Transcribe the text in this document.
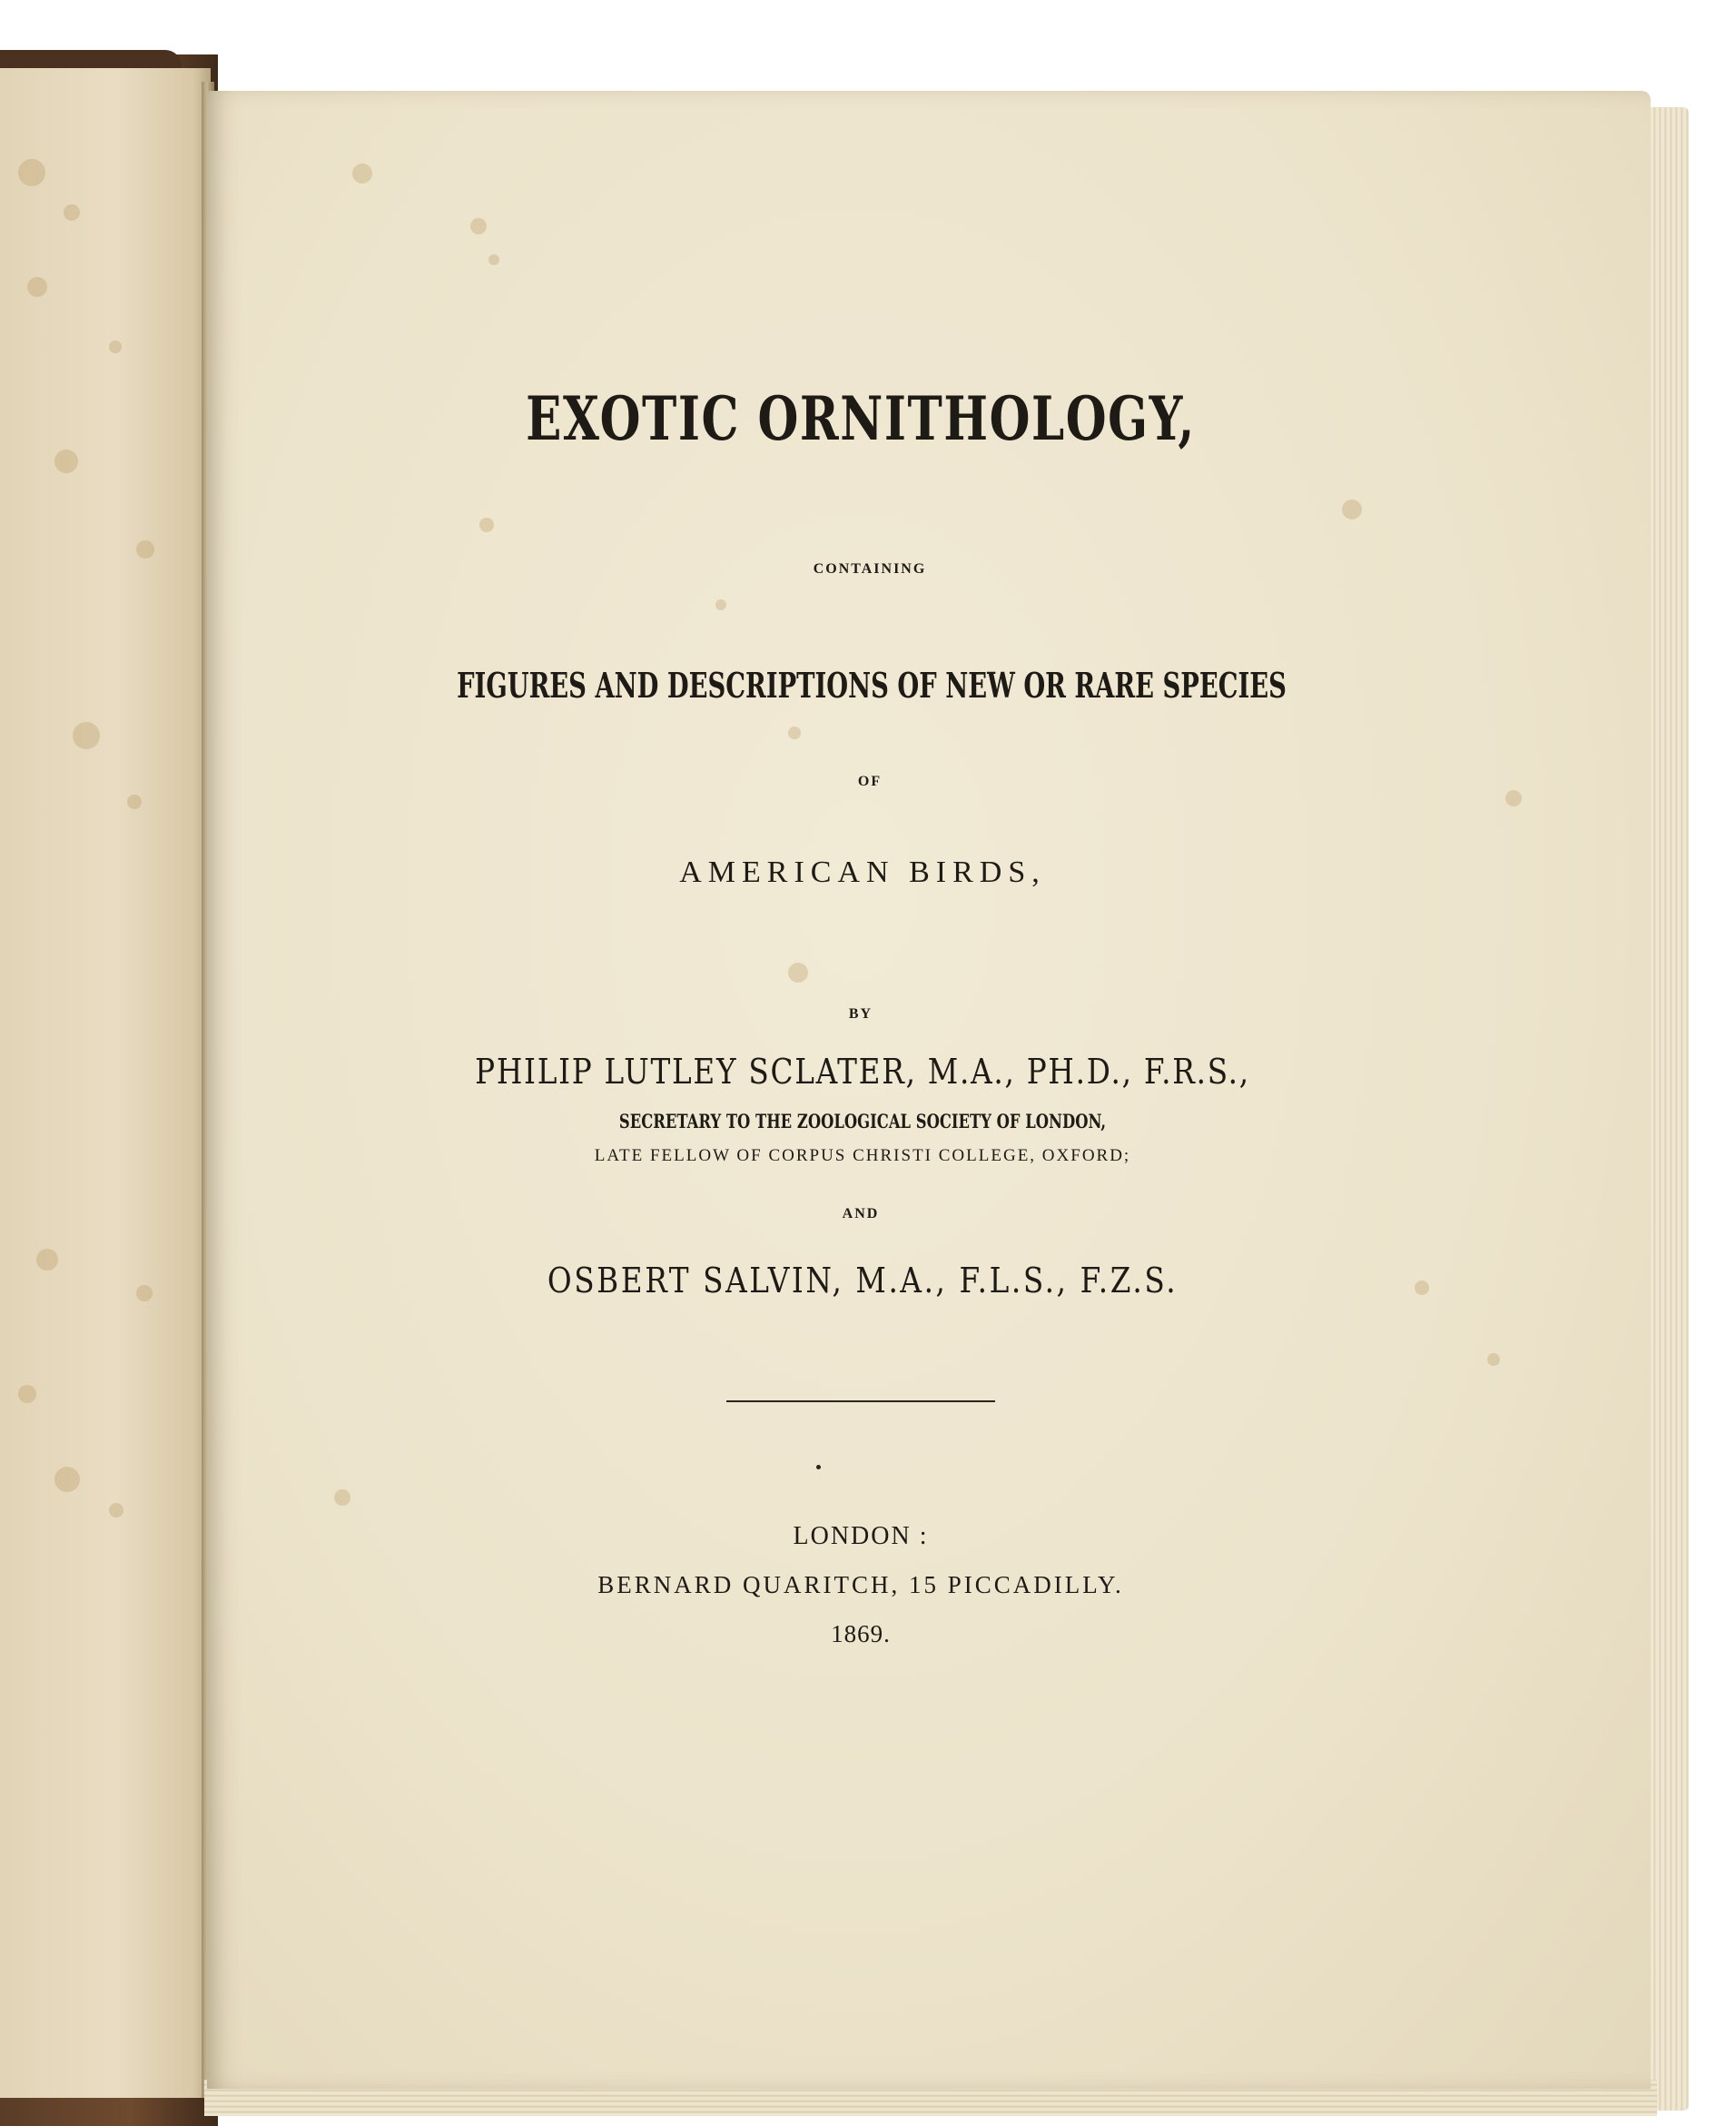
EXOTIC ORNITHOLOGY,
CONTAINING
FIGURES AND DESCRIPTIONS OF NEW OR RARE SPECIES
OF
AMERICAN BIRDS,
BY
PHILIP LUTLEY SCLATER, M.A., PH.D., F.R.S.,
SECRETARY TO THE ZOOLOGICAL SOCIETY OF LONDON,
LATE FELLOW OF CORPUS CHRISTI COLLEGE, OXFORD;
AND
OSBERT SALVIN, M.A., F.L.S., F.Z.S.
LONDON :
BERNARD QUARITCH, 15 PICCADILLY.
1869.
